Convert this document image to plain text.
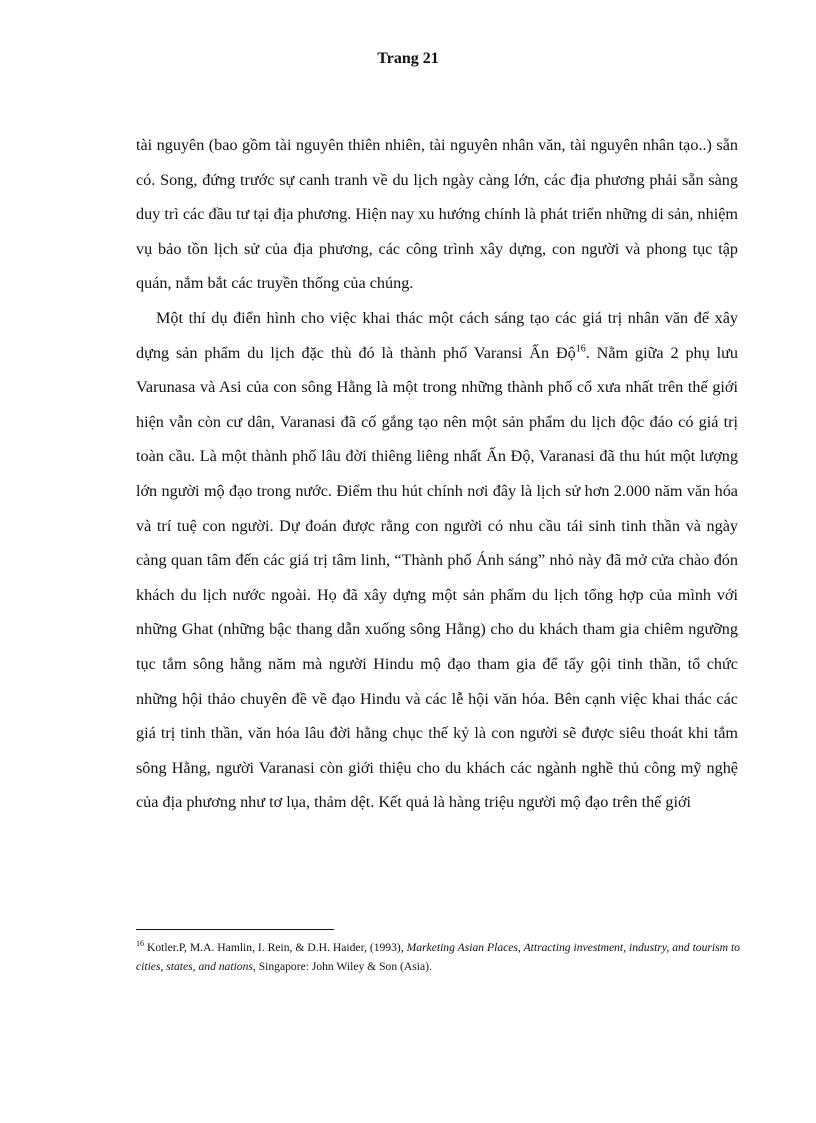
Trang 21

tài nguyên (bao gồm tài nguyên thiên nhiên, tài nguyên nhân văn, tài nguyên nhân tạo..) sẵn có. Song, đứng trước sự canh tranh về du lịch ngày càng lớn, các địa phương phải sẵn sàng duy trì các đầu tư tại địa phương. Hiện nay xu hướng chính là phát triển những di sản, nhiệm vụ bảo tồn lịch sử của địa phương, các công trình xây dựng, con người và phong tục tập quán, nắm bắt các truyền thống của chúng.

Một thí dụ điển hình cho việc khai thác một cách sáng tạo các giá trị nhân văn để xây dựng sản phẩm du lịch đặc thù đó là thành phố Varansi Ấn Độ$^{16}$. Nằm giữa 2 phụ lưu Varunasa và Asi của con sông Hằng là một trong những thành phố cổ xưa nhất trên thế giới hiện vẫn còn cư dân, Varanasi đã cố gắng tạo nên một sản phẩm du lịch độc đáo có giá trị toàn cầu. Là một thành phố lâu đời thiêng liêng nhất Ấn Độ, Varanasi đã thu hút một lượng lớn người mộ đạo trong nước. Điểm thu hút chính nơi đây là lịch sử hơn 2.000 năm văn hóa và trí tuệ con người. Dự đoán được rằng con người có nhu cầu tái sinh tinh thần và ngày càng quan tâm đến các giá trị tâm linh, “Thành phố Ánh sáng” nhỏ này đã mở cửa chào đón khách du lịch nước ngoài. Họ đã xây dựng một sản phẩm du lịch tổng hợp của mình với những Ghat (những bậc thang dẫn xuống sông Hằng) cho du khách tham gia chiêm ngưỡng tục tắm sông hằng năm mà người Hindu mộ đạo tham gia để tẩy gội tinh thần, tổ chức những hội thảo chuyên đề về đạo Hindu và các lễ hội văn hóa. Bên cạnh việc khai thác các giá trị tinh thần, văn hóa lâu đời hằng chục thế kỷ là con người sẽ được siêu thoát khi tắm sông Hằng, người Varanasi còn giới thiệu cho du khách các ngành nghề thủ công mỹ nghệ của địa phương như tơ lụa, thảm dệt. Kết quả là hàng triệu người mộ đạo trên thế giới

$^{16}$ Kotler.P, M.A. Hamlin, I. Rein, & D.H. Haider, (1993), Marketing Asian Places, Attracting investment, industry, and tourism to cities, states, and nations, Singapore: John Wiley & Son (Asia).
